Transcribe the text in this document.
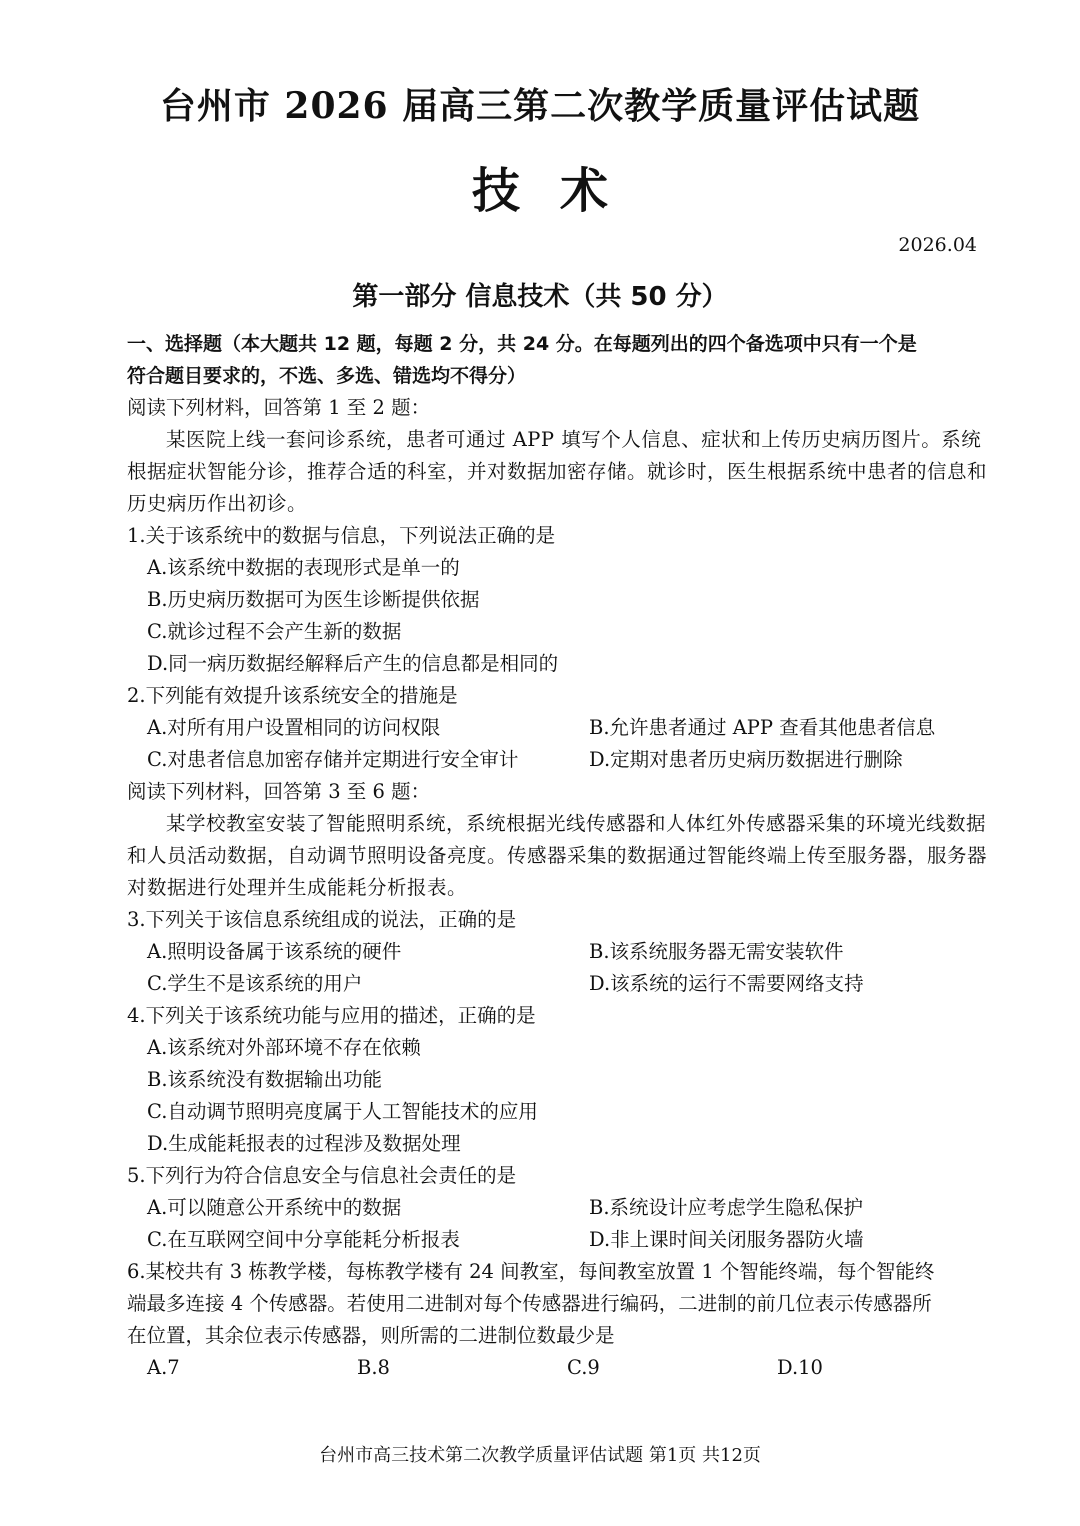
台州市 2026 届高三第二次教学质量评估试题
技术
2026.04
第一部分 信息技术（共 50 分）
一、选择题（本大题共 12 题，每题 2 分，共 24 分。在每题列出的四个备选项中只有一个是
符合题目要求的，不选、多选、错选均不得分）

阅读下列材料，回答第 1 至 2 题：

某医院上线一套问诊系统，患者可通过 APP 填写个人信息、症状和上传历史病历图片。系统根据症状智能分诊，推荐合适的科室，并对数据加密存储。就诊时，医生根据系统中患者的信息和历史病历作出初诊。

1.关于该系统中的数据与信息，下列说法正确的是

A.该系统中数据的表现形式是单一的

B.历史病历数据可为医生诊断提供依据

C.就诊过程不会产生新的数据

D.同一病历数据经解释后产生的信息都是相同的

2.下列能有效提升该系统安全的措施是

A.对所有用户设置相同的访问权限	B.允许患者通过 APP 查看其他患者信息
C.对患者信息加密存储并定期进行安全审计	D.定期对患者历史病历数据进行删除

阅读下列材料，回答第 3 至 6 题：

某学校教室安装了智能照明系统，系统根据光线传感器和人体红外传感器采集的环境光线数据和人员活动数据，自动调节照明设备亮度。传感器采集的数据通过智能终端上传至服务器，服务器对数据进行处理并生成能耗分析报表。

3.下列关于该信息系统组成的说法，正确的是

A.照明设备属于该系统的硬件	B.该系统服务器无需安装软件
C.学生不是该系统的用户	D.该系统的运行不需要网络支持

4.下列关于该系统功能与应用的描述，正确的是

A.该系统对外部环境不存在依赖

B.该系统没有数据输出功能

C.自动调节照明亮度属于人工智能技术的应用

D.生成能耗报表的过程涉及数据处理

5.下列行为符合信息安全与信息社会责任的是

A.可以随意公开系统中的数据	B.系统设计应考虑学生隐私保护
C.在互联网空间中分享能耗分析报表	D.非上课时间关闭服务器防火墙

6.某校共有 3 栋教学楼，每栋教学楼有 24 间教室，每间教室放置 1 个智能终端，每个智能终

端最多连接 4 个传感器。若使用二进制对每个传感器进行编码，二进制的前几位表示传感器所

在位置，其余位表示传感器，则所需的二进制位数最少是

A.7	B.8	C.9	D.10
台州市高三技术第二次教学质量评估试题 第1页 共12页
